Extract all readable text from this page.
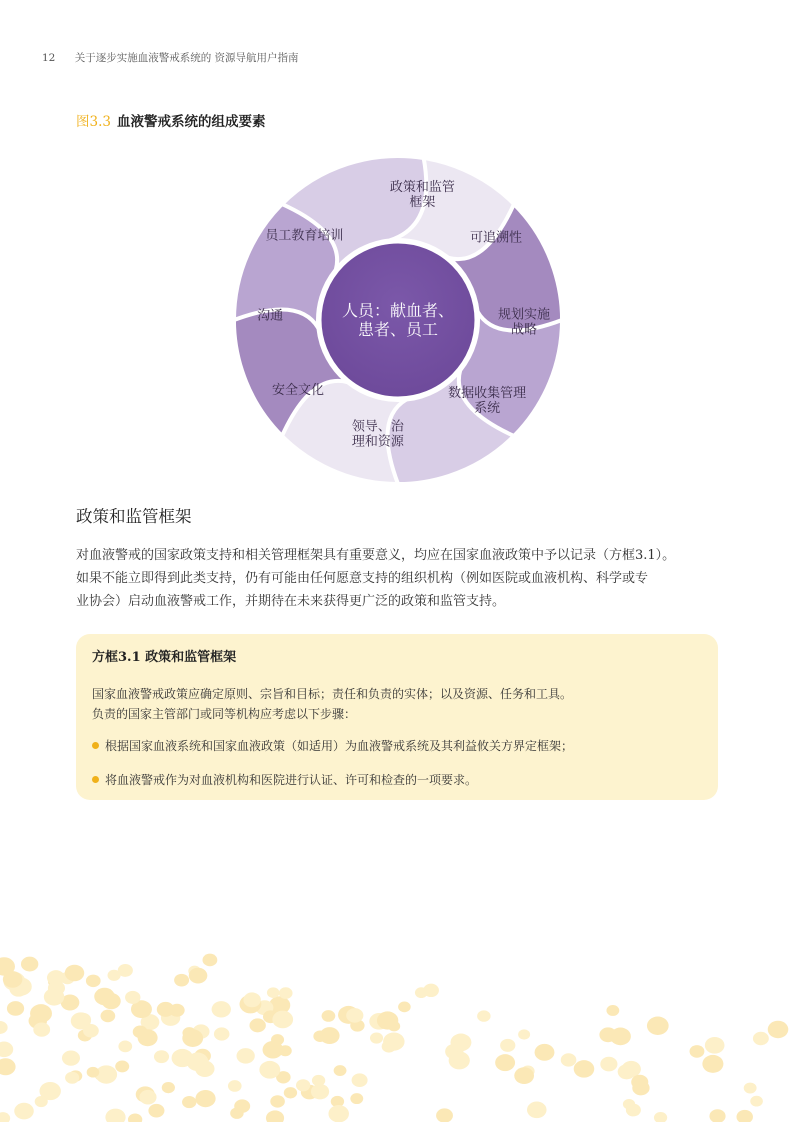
12 关于逐步实施血液警戒系统的 资源导航用户指南
图3.3 血液警戒系统的组成要素
政策和监管框架
可追溯性
规划实施战略
数据收集管理系统
领导、治理和资源
安全文化
沟通
员工教育培训
人员：献血者、患者、员工
政策和监管框架
对血液警戒的国家政策支持和相关管理框架具有重要意义，均应在国家血液政策中予以记录（方框3.1）。
如果不能立即得到此类支持，仍有可能由任何愿意支持的组织机构（例如医院或血液机构、科学或专
业协会）启动血液警戒工作，并期待在未来获得更广泛的政策和监管支持。
方框3.1 政策和监管框架
国家血液警戒政策应确定原则、宗旨和目标；责任和负责的实体；以及资源、任务和工具。
负责的国家主管部门或同等机构应考虑以下步骤：
根据国家血液系统和国家血液政策（如适用）为血液警戒系统及其利益攸关方界定框架；
将血液警戒作为对血液机构和医院进行认证、许可和检查的一项要求。
